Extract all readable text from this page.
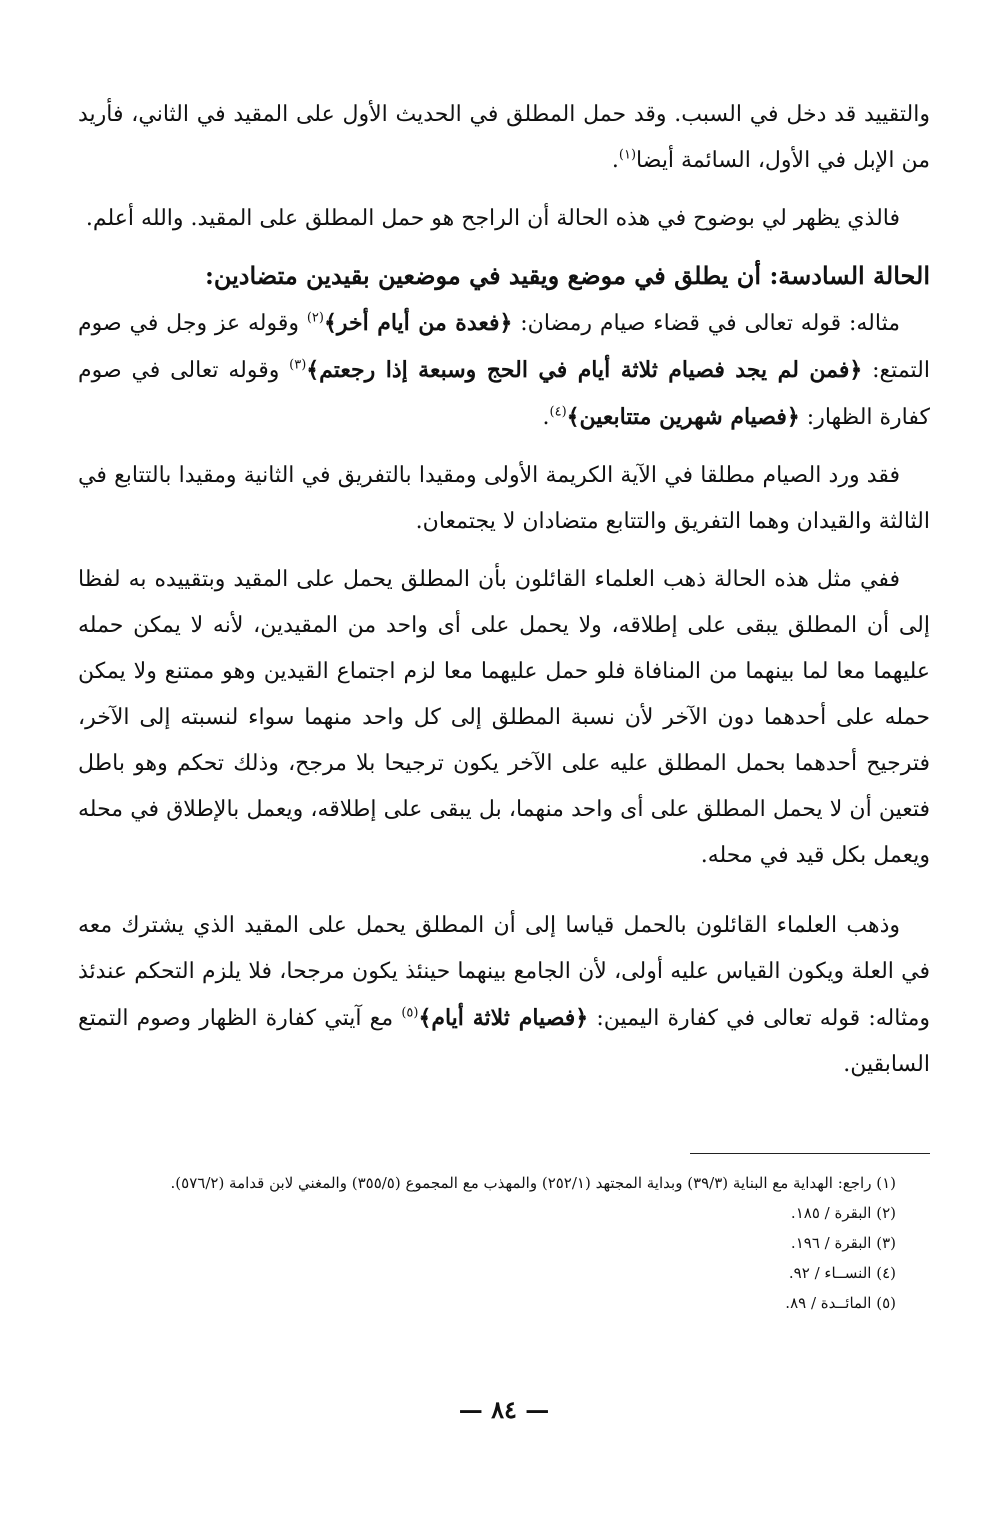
والتقييد قد دخل في السبب. وقد حمل المطلق في الحديث الأول على المقيد في الثاني، فأريد من الإبل في الأول، السائمة أيضا$^{(١)}$.

فالذي يظهر لي بوضوح في هذه الحالة أن الراجح هو حمل المطلق على المقيد. والله أعلم.

الحالة السادسة: أن يطلق في موضع ويقيد في موضعين بقيدين متضادين:

مثاله: قوله تعالى في قضاء صيام رمضان: ﴿فعدة من أيام أخر﴾$^{(٢)}$ وقوله عز وجل في صوم التمتع: ﴿فمن لم يجد فصيام ثلاثة أيام في الحج وسبعة إذا رجعتم﴾$^{(٣)}$ وقوله تعالى في صوم كفارة الظهار: ﴿فصيام شهرين متتابعين﴾$^{(٤)}$.

فقد ورد الصيام مطلقا في الآية الكريمة الأولى ومقيدا بالتفريق في الثانية ومقيدا بالتتابع في الثالثة والقيدان وهما التفريق والتتابع متضادان لا يجتمعان.

ففي مثل هذه الحالة ذهب العلماء القائلون بأن المطلق يحمل على المقيد وبتقييده به لفظا إلى أن المطلق يبقى على إطلاقه، ولا يحمل على أى واحد من المقيدين، لأنه لا يمكن حمله عليهما معا لما بينهما من المنافاة فلو حمل عليهما معا لزم اجتماع القيدين وهو ممتنع ولا يمكن حمله على أحدهما دون الآخر لأن نسبة المطلق إلى كل واحد منهما سواء لنسبته إلى الآخر، فترجيح أحدهما بحمل المطلق عليه على الآخر يكون ترجيحا بلا مرجح، وذلك تحكم وهو باطل فتعين أن لا يحمل المطلق على أى واحد منهما، بل يبقى على إطلاقه، ويعمل بالإطلاق في محله ويعمل بكل قيد في محله.

وذهب العلماء القائلون بالحمل قياسا إلى أن المطلق يحمل على المقيد الذي يشترك معه في العلة ويكون القياس عليه أولى، لأن الجامع بينهما حينئذ يكون مرجحا، فلا يلزم التحكم عندئذ ومثاله: قوله تعالى في كفارة اليمين: ﴿فصيام ثلاثة أيام﴾$^{(٥)}$ مع آيتي كفارة الظهار وصوم التمتع السابقين.

(١) راجع: الهداية مع البناية (٣٩/٣) وبداية المجتهد (٢٥٢/١) والمهذب مع المجموع (٣٥٥/٥) والمغني لابن قدامة (٥٧٦/٢).

(٢) البقرة / ١٨٥.

(٣) البقرة / ١٩٦.

(٤) النســاء / ٩٢.

(٥) المائــدة / ٨٩.

— ٨٤ —
